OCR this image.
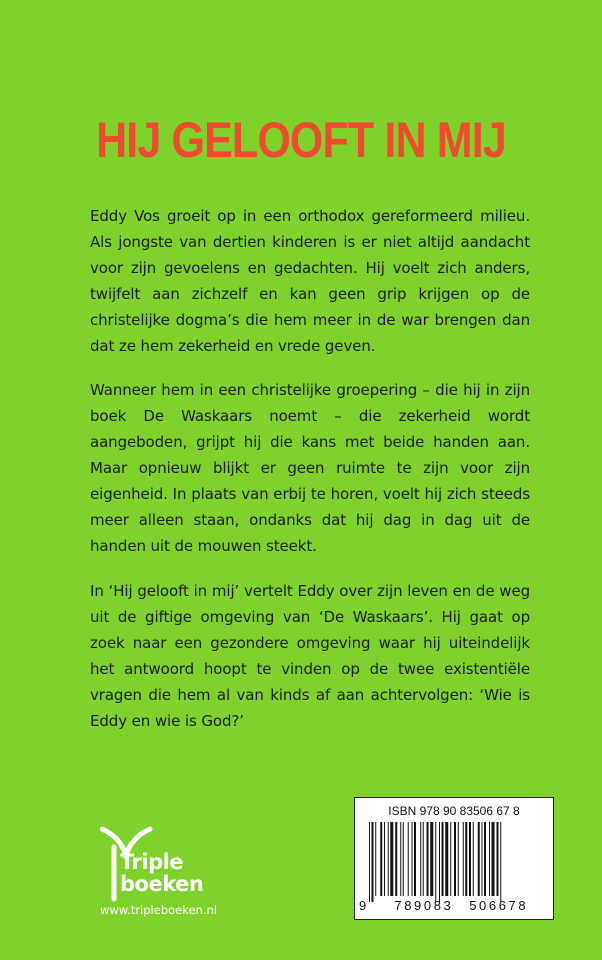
HIJ GELOOFT IN MIJ

Eddy Vos groeit op in een orthodox gereformeerd milieu. Als jongste van dertien kinderen is er niet altijd aandacht voor zijn gevoelens en gedachten. Hij voelt zich anders, twijfelt aan zichzelf en kan geen grip krijgen op de christelijke dogma’s die hem meer in de war brengen dan dat ze hem zekerheid en vrede geven.

Wanneer hem in een christelijke groepering – die hij in zijn boek De Waskaars noemt – die zekerheid wordt aangeboden, grijpt hij die kans met beide handen aan. Maar opnieuw blijkt er geen ruimte te zijn voor zijn eigenheid. In plaats van erbij te horen, voelt hij zich steeds meer alleen staan, ondanks dat hij dag in dag uit de handen uit de mouwen steekt.

In ‘Hij gelooft in mij’ vertelt Eddy over zijn leven en de weg uit de giftige omgeving van ‘De Waskaars’. Hij gaat op zoek naar een gezondere omgeving waar hij uiteindelijk het antwoord hoopt te vinden op de twee existentiële vragen die hem al van kinds af aan achtervolgen: ‘Wie is Eddy en wie is God?’

Triple
boeken
www.tripleboeken.nl
ISBN 978 90 83506 67 8
9 789083 506678
